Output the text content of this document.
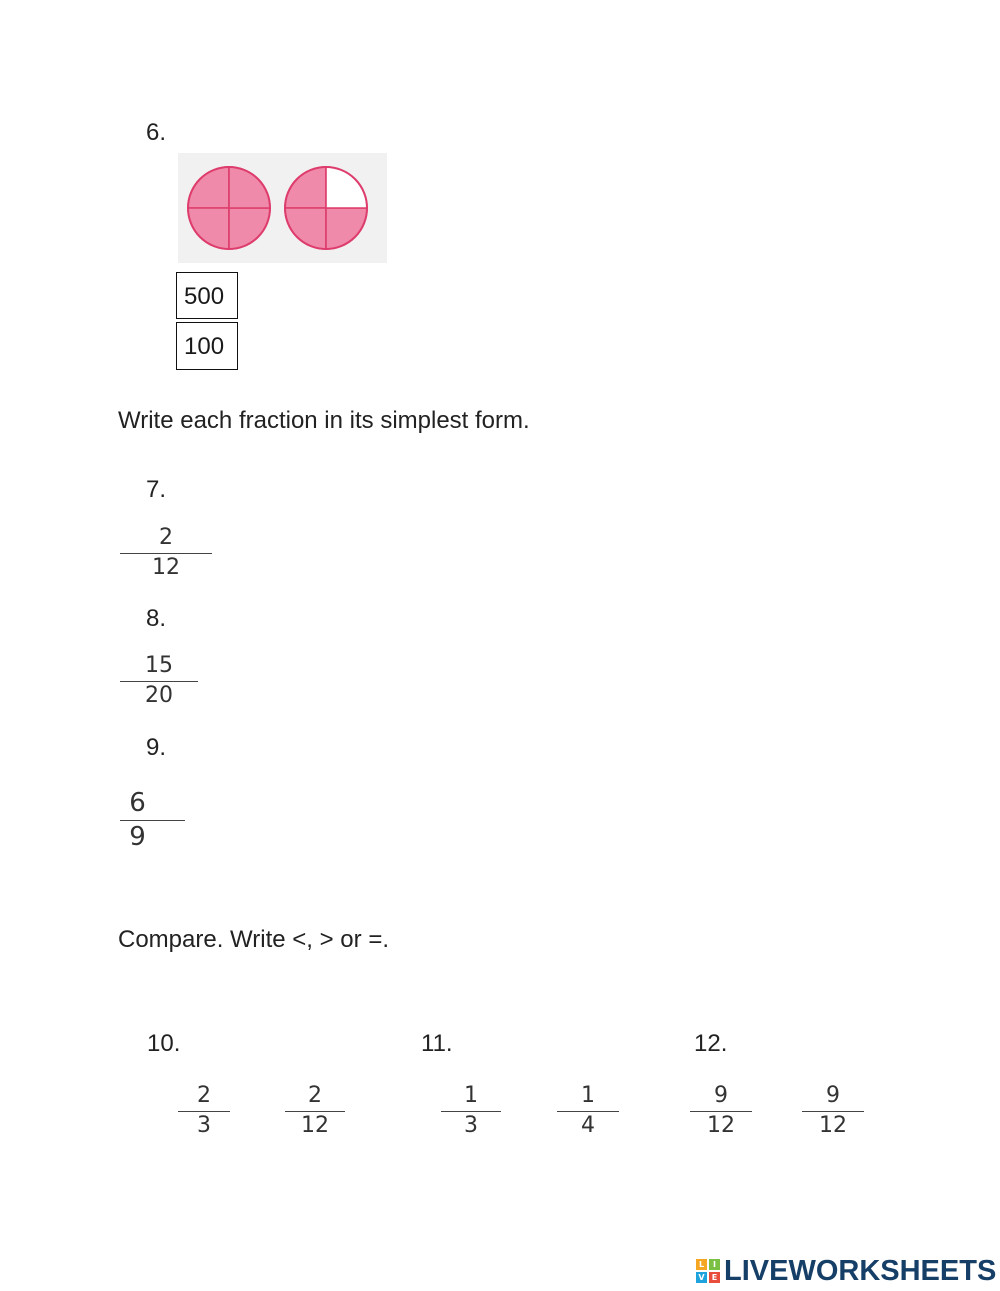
6.
500
100
Write each fraction in its simplest form.
7.
2
12
8.
15
20
9.
6
9
Compare. Write <, > or =.
10.	11.	12.
2
3
2
12
1
3
1
4
9
12
9
12
L	I
V E LIVEWORKSHEETS
